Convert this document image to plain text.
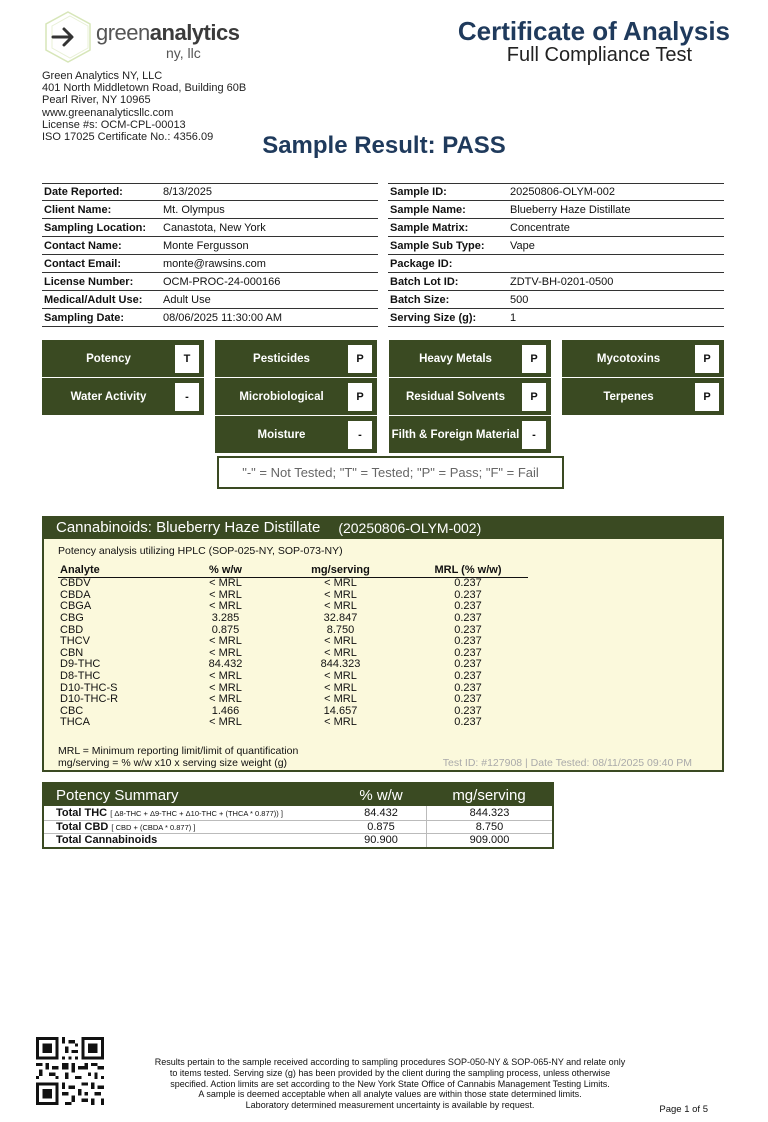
greenanalytics
ny, llc
Green Analytics NY, LLC
401 North Middletown Road, Building 60B
Pearl River, NY 10965
www.greenanalyticsllc.com
License #s: OCM-CPL-00013
ISO 17025 Certificate No.: 4356.09
Certificate of Analysis
Full Compliance Test
Sample Result: PASS
Date Reported:	8/13/2025
Client Name:	Mt. Olympus
Sampling Location:	Canastota, New York
Contact Name:	Monte Fergusson
Contact Email:	monte@rawsins.com
License Number:	OCM-PROC-24-000166
Medical/Adult Use:	Adult Use
Sampling Date:	08/06/2025 11:30:00 AM
Sample ID:	20250806-OLYM-002
Sample Name:	Blueberry Haze Distillate
Sample Matrix:	Concentrate
Sample Sub Type:	Vape
Package ID:
Batch Lot ID:	ZDTV-BH-0201-0500
Batch Size:	500
Serving Size (g):	1
Potency	T	Pesticides	P	Heavy Metals	P	Mycotoxins	P
Water Activity	-	Microbiological	P	Residual Solvents	P	Terpenes	P
Moisture	-	Filth & Foreign Material	-
"-" = Not Tested; "T" = Tested; "P" = Pass; "F" = Fail
Cannabinoids: Blueberry Haze Distillate (20250806-OLYM-002)
Potency analysis utilizing HPLC (SOP-025-NY, SOP-073-NY)
Analyte	% w/w	mg/serving	MRL (% w/w)
CBDV	< MRL	< MRL	0.237
CBDA	< MRL	< MRL	0.237
CBGA	< MRL	< MRL	0.237
CBG	3.285	32.847	0.237
CBD	0.875	8.750	0.237
THCV	< MRL	< MRL	0.237
CBN	< MRL	< MRL	0.237
D9-THC	84.432	844.323	0.237
D8-THC	< MRL	< MRL	0.237
D10-THC-S	< MRL	< MRL	0.237
D10-THC-R	< MRL	< MRL	0.237
CBC	1.466	14.657	0.237
THCA	< MRL	< MRL	0.237
MRL = Minimum reporting limit/limit of quantification
mg/serving = % w/w x10 x serving size weight (g)	Test ID: #127908 | Date Tested: 08/11/2025 09:40 PM
Potency Summary	% w/w	mg/serving
Total THC [ Δ8-THC + Δ9-THC + Δ10-THC + (THCA * 0.877)) ]	84.432	844.323
Total CBD [ CBD + (CBDA * 0.877) ]	0.875	8.750
Total Cannabinoids	90.900	909.000
Results pertain to the sample received according to sampling procedures SOP-050-NY & SOP-065-NY and relate only
to items tested. Serving size (g) has been provided by the client during the sampling process, unless otherwise
specified. Action limits are set according to the New York State Office of Cannabis Management Testing Limits.
A sample is deemed acceptable when all analyte values are within those state determined limits.
Laboratory determined measurement uncertainty is available by request.	Page 1 of 5
